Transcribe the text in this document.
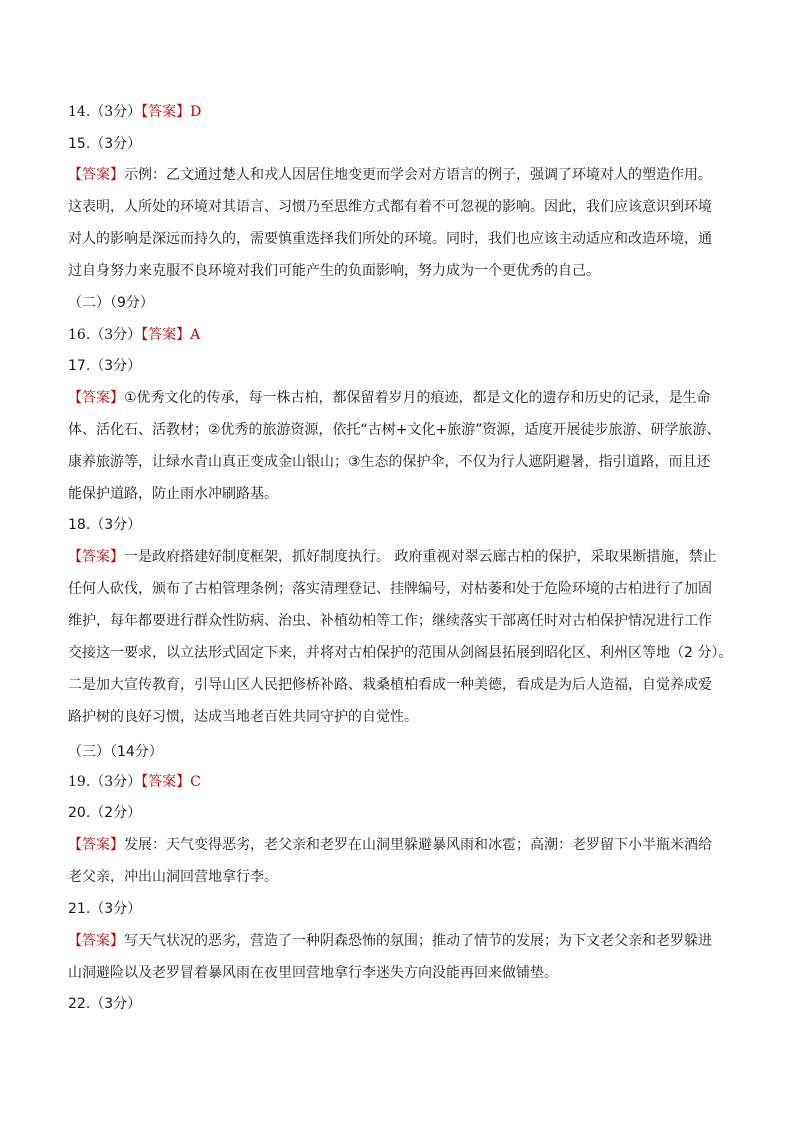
14.（3分）【答案】D
15.（3分）
【答案】示例：乙文通过楚人和戎人因居住地变更而学会对方语言的例子，强调了环境对人的塑造作用。
这表明，人所处的环境对其语言、习惯乃至思维方式都有着不可忽视的影响。因此，我们应该意识到环境
对人的影响是深远而持久的，需要慎重选择我们所处的环境。同时，我们也应该主动适应和改造环境，通
过自身努力来克服不良环境对我们可能产生的负面影响，努力成为一个更优秀的自己。
（二）（9分）
16.（3分）【答案】A
17.（3分）
【答案】①优秀文化的传承，每一株古柏，都保留着岁月的痕迹，都是文化的遗存和历史的记录，是生命
体、活化石、活教材；②优秀的旅游资源，依托“古树+文化+旅游”资源，适度开展徒步旅游、研学旅游、
康养旅游等，让绿水青山真正变成金山银山；③生态的保护伞，不仅为行人遮阴避暑，指引道路，而且还
能保护道路，防止雨水冲刷路基。
18.（3分）
【答案】一是政府搭建好制度框架，抓好制度执行。 政府重视对翠云廊古柏的保护，采取果断措施，禁止
任何人砍伐，颁布了古柏管理条例；落实清理登记、挂牌编号，对枯萎和处于危险环境的古柏进行了加固
维护，每年都要进行群众性防病、治虫、补植幼柏等工作；继续落实干部离任时对古柏保护情况进行工作
交接这一要求，以立法形式固定下来，并将对古柏保护的范围从剑阁县拓展到昭化区、利州区等地（2 分）。
二是加大宣传教育，引导山区人民把修桥补路、栽桑植柏看成一种美德，看成是为后人造福，自觉养成爱
路护树的良好习惯，达成当地老百姓共同守护的自觉性。
（三）（14分）
19.（3分）【答案】C
20.（2分）
【答案】发展：天气变得恶劣，老父亲和老罗在山洞里躲避暴风雨和冰雹；高潮：老罗留下小半瓶米酒给
老父亲，冲出山洞回营地拿行李。
21.（3分）
【答案】写天气状况的恶劣，营造了一种阴森恐怖的氛围；推动了情节的发展；为下文老父亲和老罗躲进
山洞避险以及老罗冒着暴风雨在夜里回营地拿行李迷失方向没能再回来做铺垫。
22.（3分）
